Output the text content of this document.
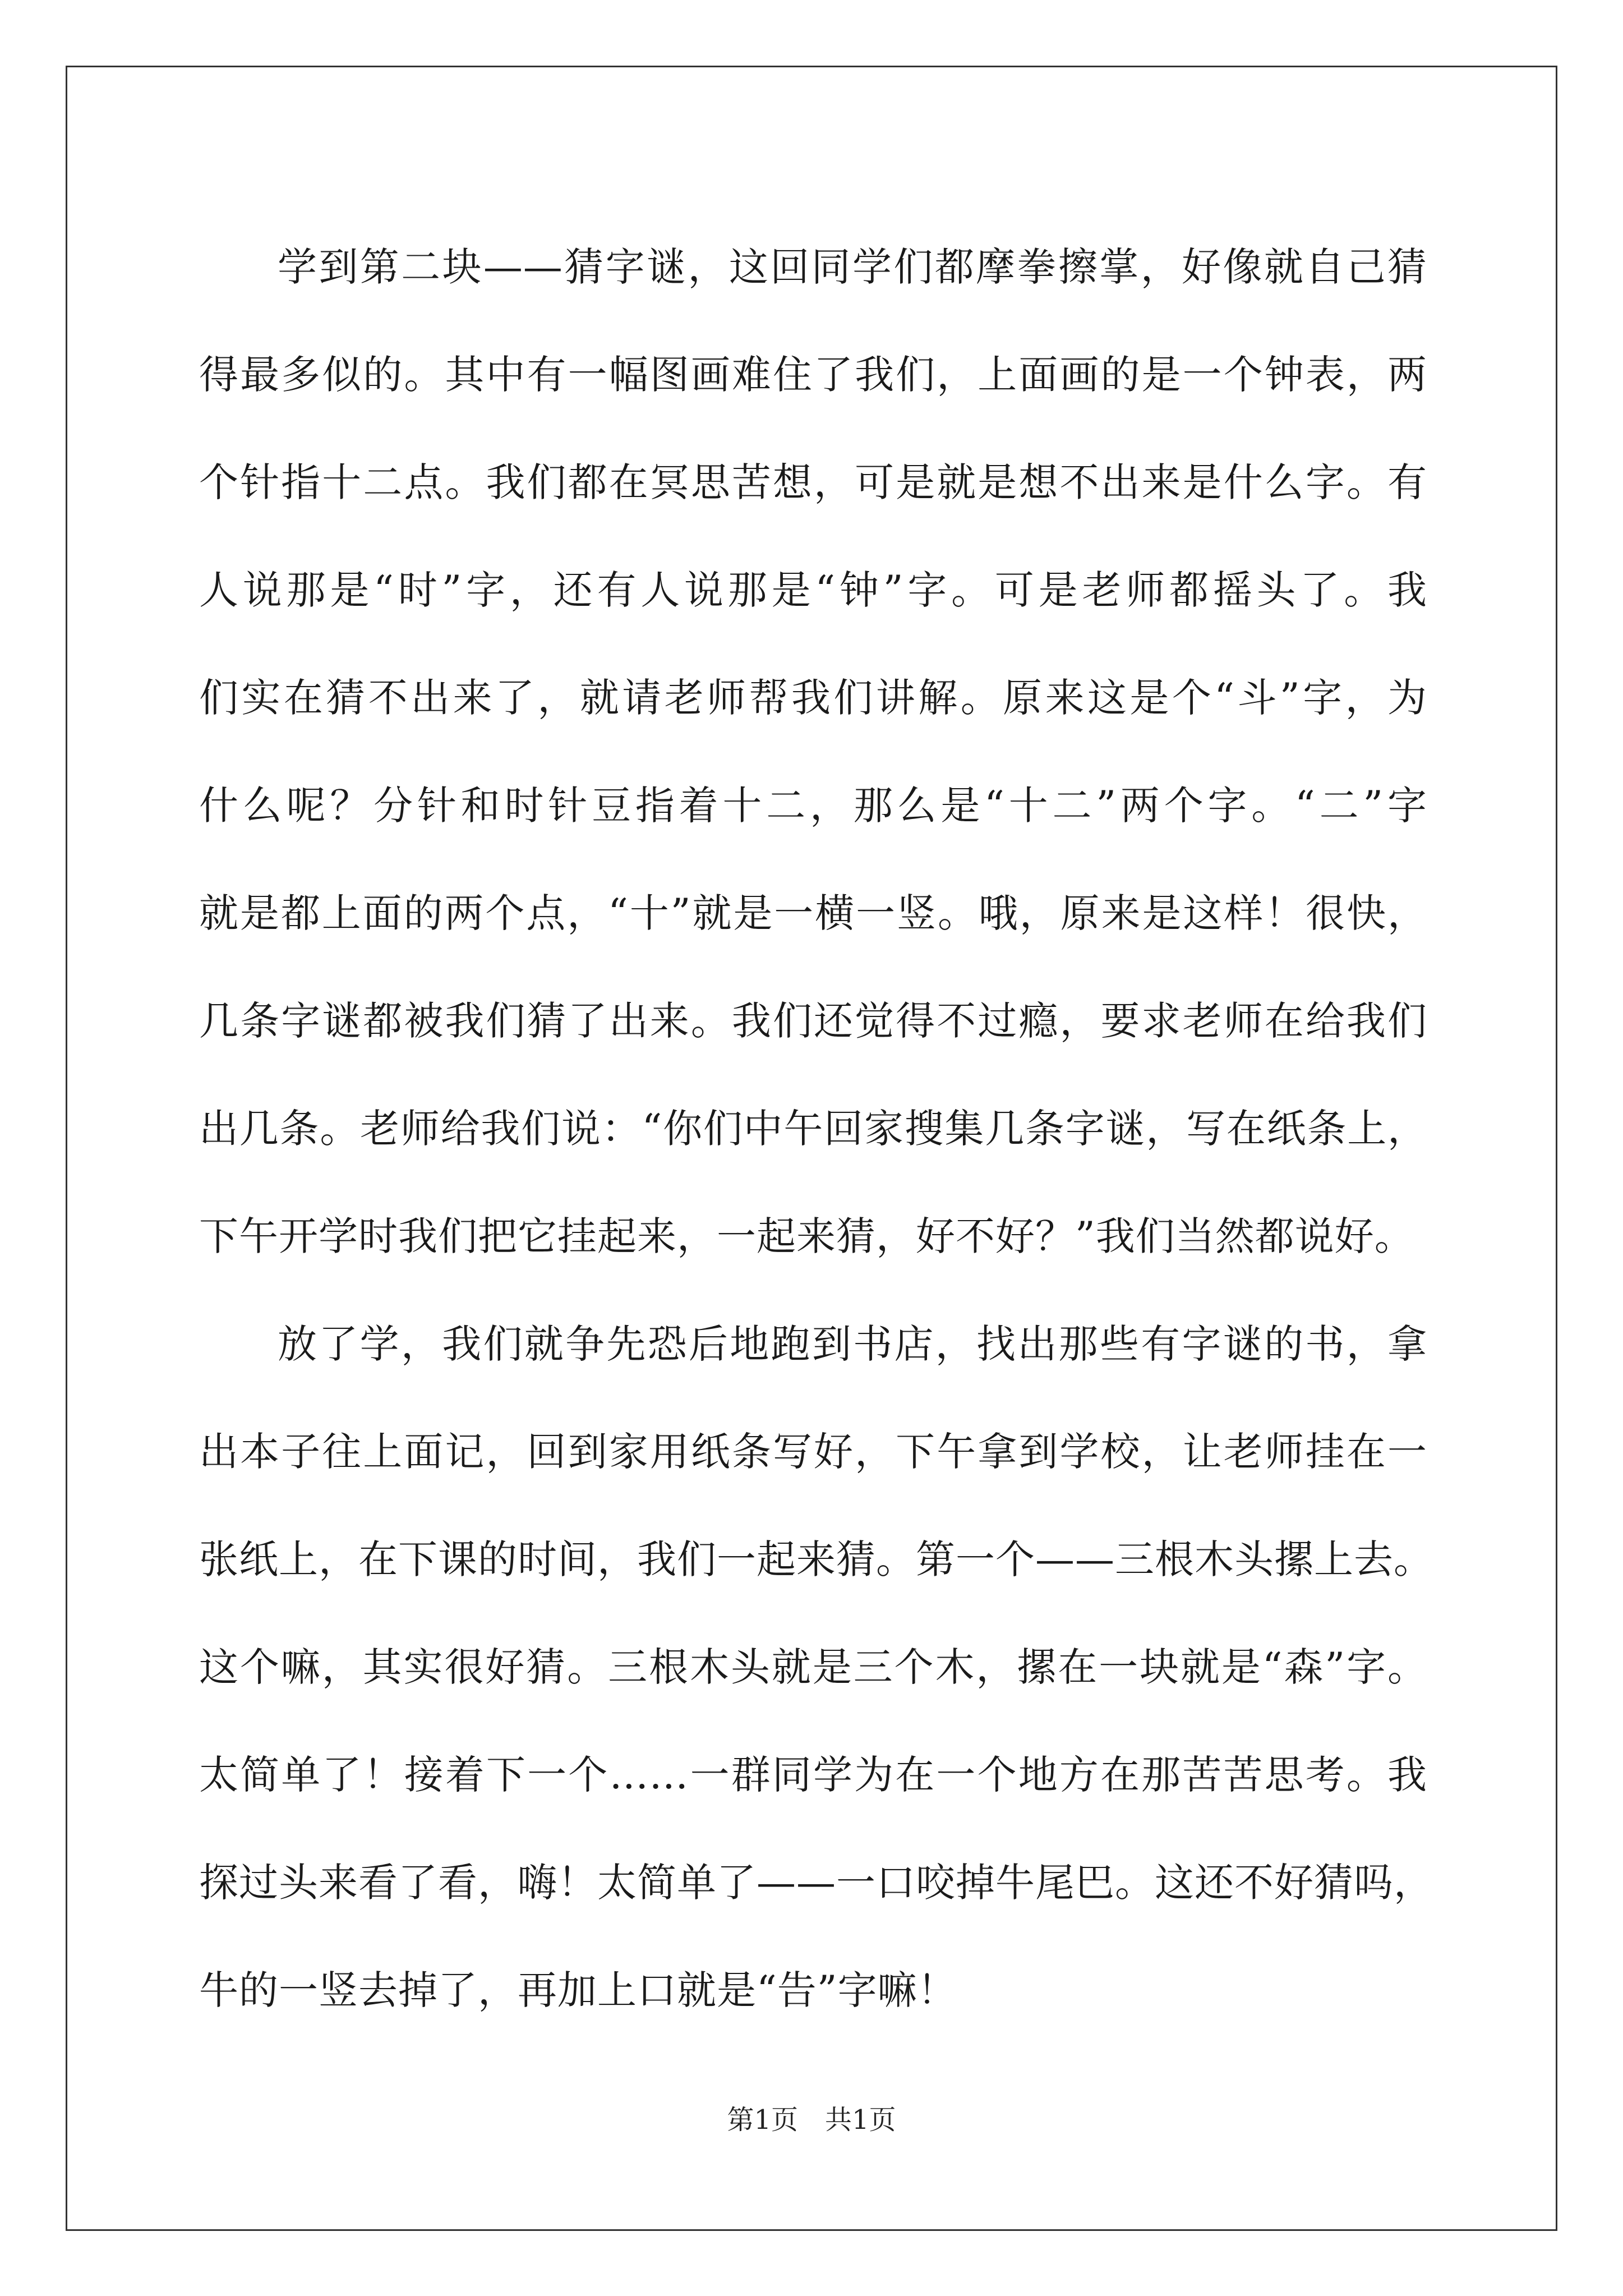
学到第二块——猜字谜，这回同学们都摩拳擦掌，好像就自己猜
得最多似的。其中有一幅图画难住了我们，上面画的是一个钟表，两
个针指十二点。我们都在冥思苦想，可是就是想不出来是什么字。有
人说那是“时”字，还有人说那是“钟”字。可是老师都摇头了。我
们实在猜不出来了，就请老师帮我们讲解。原来这是个“斗”字，为
什么呢？分针和时针豆指着十二，那么是“十二”两个字。“二”字
就是都上面的两个点，“十”就是一横一竖。哦，原来是这样！很快，
几条字谜都被我们猜了出来。我们还觉得不过瘾，要求老师在给我们
出几条。老师给我们说：“你们中午回家搜集几条字谜，写在纸条上，
下午开学时我们把它挂起来，一起来猜，好不好？”我们当然都说好。
放了学，我们就争先恐后地跑到书店，找出那些有字谜的书，拿
出本子往上面记，回到家用纸条写好，下午拿到学校，让老师挂在一
张纸上，在下课的时间，我们一起来猜。第一个——三根木头摞上去。
这个嘛，其实很好猜。三根木头就是三个木，摞在一块就是“森”字。
太简单了！接着下一个……一群同学为在一个地方在那苦苦思考。我
探过头来看了看，嗨！太简单了——一口咬掉牛尾巴。这还不好猜吗，
牛的一竖去掉了，再加上口就是“告”字嘛！
第1页　共1页
